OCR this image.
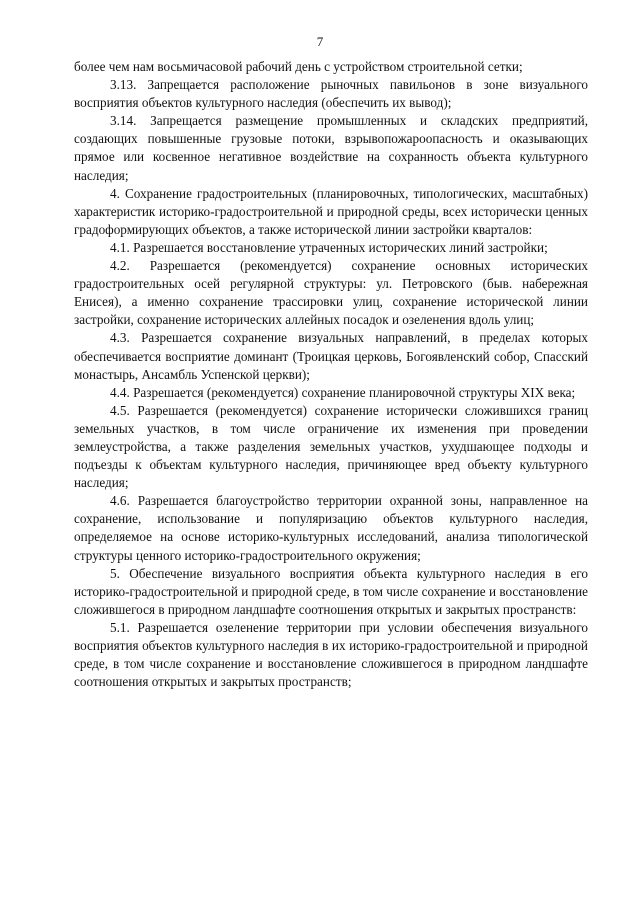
7

более чем нам восьмичасовой рабочий день с устройством строительной сетки;

3.13. Запрещается расположение рыночных павильонов в зоне визуального восприятия объектов культурного наследия (обеспечить их вывод);

3.14. Запрещается размещение промышленных и складских предприятий, создающих повышенные грузовые потоки, взрывопожароопасность и оказывающих прямое или косвенное негативное воздействие на сохранность объекта культурного наследия;

4. Сохранение градостроительных (планировочных, типологических, масштабных) характеристик историко-градостроительной и природной среды, всех исторически ценных градоформирующих объектов, а также исторической линии застройки кварталов:

4.1. Разрешается восстановление утраченных исторических линий застройки;

4.2. Разрешается (рекомендуется) сохранение основных исторических градостроительных осей регулярной структуры: ул. Петровского (быв. набережная Енисея), а именно сохранение трассировки улиц, сохранение исторической линии застройки, сохранение исторических аллейных посадок и озеленения вдоль улиц;

4.3. Разрешается сохранение визуальных направлений, в пределах которых обеспечивается восприятие доминант (Троицкая церковь, Богоявленский собор, Спасский монастырь, Ансамбль Успенской церкви);

4.4. Разрешается (рекомендуется) сохранение планировочной структуры XIX века;

4.5. Разрешается (рекомендуется) сохранение исторически сложившихся границ земельных участков, в том числе ограничение их изменения при проведении землеустройства, а также разделения земельных участков, ухудшающее подходы и подъезды к объектам культурного наследия, причиняющее вред объекту культурного наследия;

4.6. Разрешается благоустройство территории охранной зоны, направленное на сохранение, использование и популяризацию объектов культурного наследия, определяемое на основе историко-культурных исследований, анализа типологической структуры ценного историко-градостроительного окружения;

5. Обеспечение визуального восприятия объекта культурного наследия в его историко-градостроительной и природной среде, в том числе сохранение и восстановление сложившегося в природном ландшафте соотношения открытых и закрытых пространств:

5.1. Разрешается озеленение территории при условии обеспечения визуального восприятия объектов культурного наследия в их историко-градостроительной и природной среде, в том числе сохранение и восстановление сложившегося в природном ландшафте соотношения открытых и закрытых пространств;
